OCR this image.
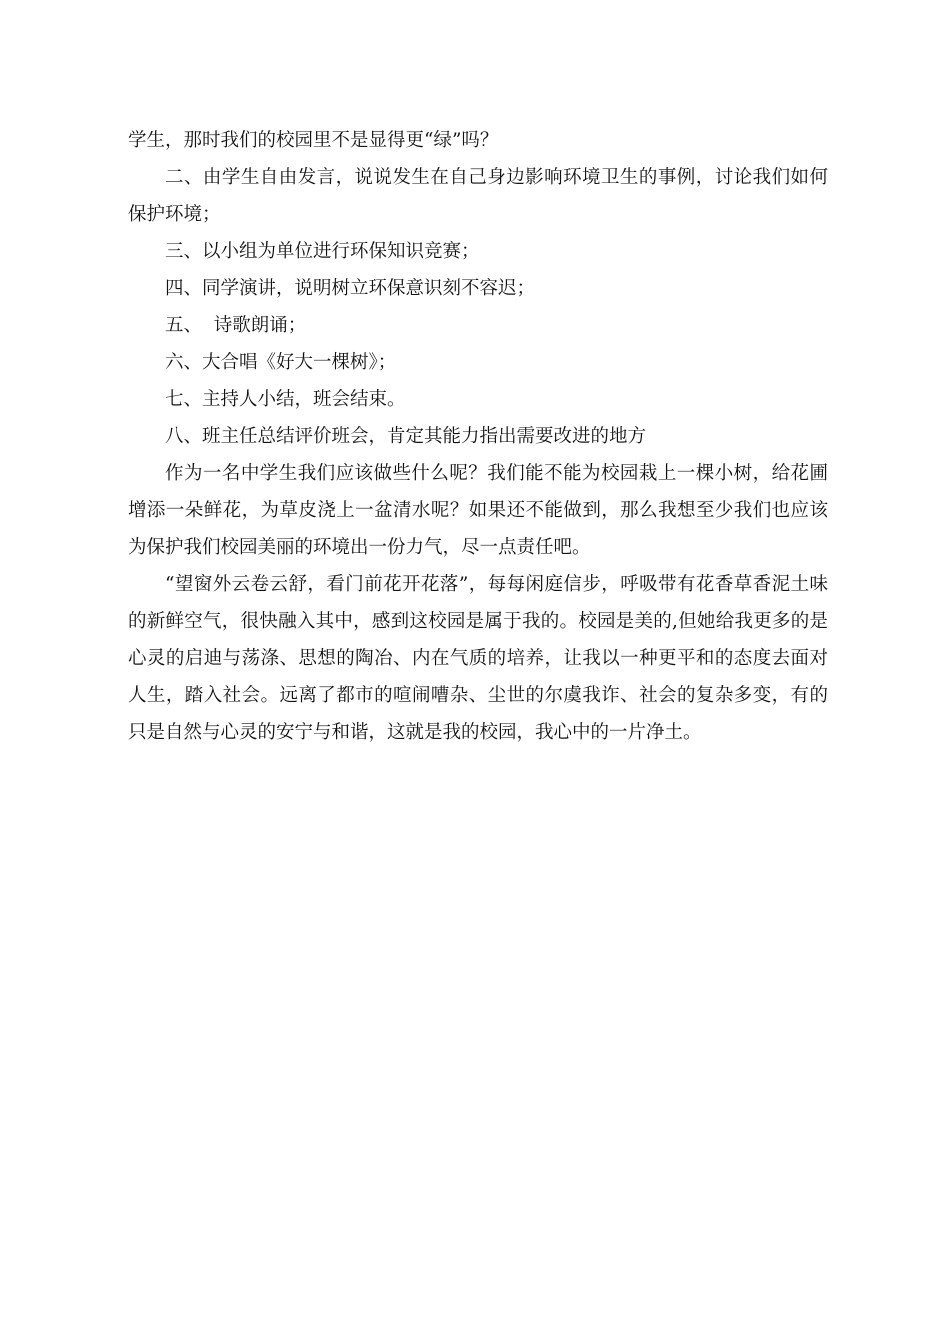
学生，那时我们的校园里不是显得更“绿”吗？

二、由学生自由发言，说说发生在自己身边影响环境卫生的事例，讨论我们如何保护环境；

三、以小组为单位进行环保知识竞赛；

四、同学演讲，说明树立环保意识刻不容迟；

五、  诗歌朗诵；

六、大合唱《好大一棵树》；

七、主持人小结，班会结束。

八、班主任总结评价班会，肯定其能力指出需要改进的地方

作为一名中学生我们应该做些什么呢？我们能不能为校园栽上一棵小树，给花圃增添一朵鲜花，为草皮浇上一盆清水呢？如果还不能做到，那么我想至少我们也应该为保护我们校园美丽的环境出一份力气，尽一点责任吧。

“望窗外云卷云舒，看门前花开花落”，每每闲庭信步，呼吸带有花香草香泥土味的新鲜空气，很快融入其中，感到这校园是属于我的。校园是美的,但她给我更多的是心灵的启迪与荡涤、思想的陶冶、内在气质的培养，让我以一种更平和的态度去面对人生，踏入社会。远离了都市的喧闹嘈杂、尘世的尔虞我诈、社会的复杂多变，有的只是自然与心灵的安宁与和谐，这就是我的校园，我心中的一片净土。
